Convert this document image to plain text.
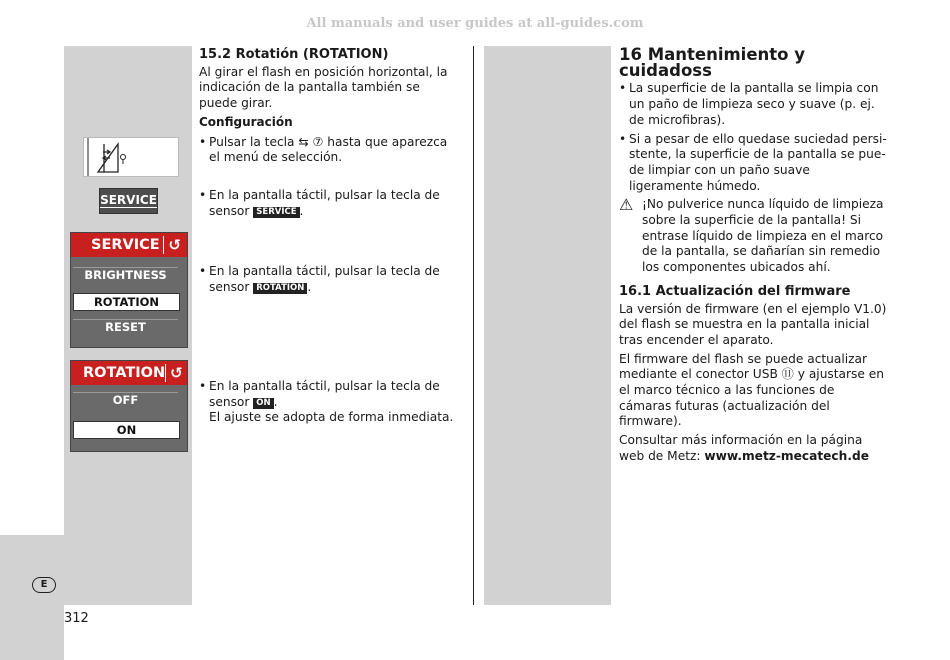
All manuals and user guides at all-guides.com
E
312
SERVICE
SERVICE ↺
BRIGHTNESS
ROTATION
RESET
ROTATION ↺
OFF
ON
15.2 Rotatión (ROTATION)

Al girar el flash en posición horizontal, la indicación de la pantalla también se puede girar.

Configuración
• Pulsar la tecla ⇆ ⑦ hasta que aparezca el menú de selección.
• En la pantalla táctil, pulsar la tecla de sensor SERVICE .
• En la pantalla táctil, pulsar la tecla de sensor ROTATION .
• En la pantalla táctil, pulsar la tecla de sensor ON .
El ajuste se adopta de forma inmediata.
16 Mantenimiento y cuidadoss
• La superficie de la pantalla se limpia con un paño de limpieza seco y suave (p. ej. de microfibras).
• Si a pesar de ello quedase suciedad persi-stente, la superficie de la pantalla se pue-de limpiar con un paño suave ligeramente húmedo.
⚠ ¡No pulverice nunca líquido de limpieza sobre la superficie de la pantalla! Si entrase líquido de limpieza en el marco de la pantalla, se dañarían sin remedio los componentes ubicados ahí.
16.1 Actualización del firmware

La versión de firmware (en el ejemplo V1.0) del flash se muestra en la pantalla inicial tras encender el aparato.

El firmware del flash se puede actualizar mediante el conector USB ⑪ y ajustarse en el marco técnico a las funciones de cámaras futuras (actualización del firmware).

Consultar más información en la página web de Metz: www.metz-mecatech.de
